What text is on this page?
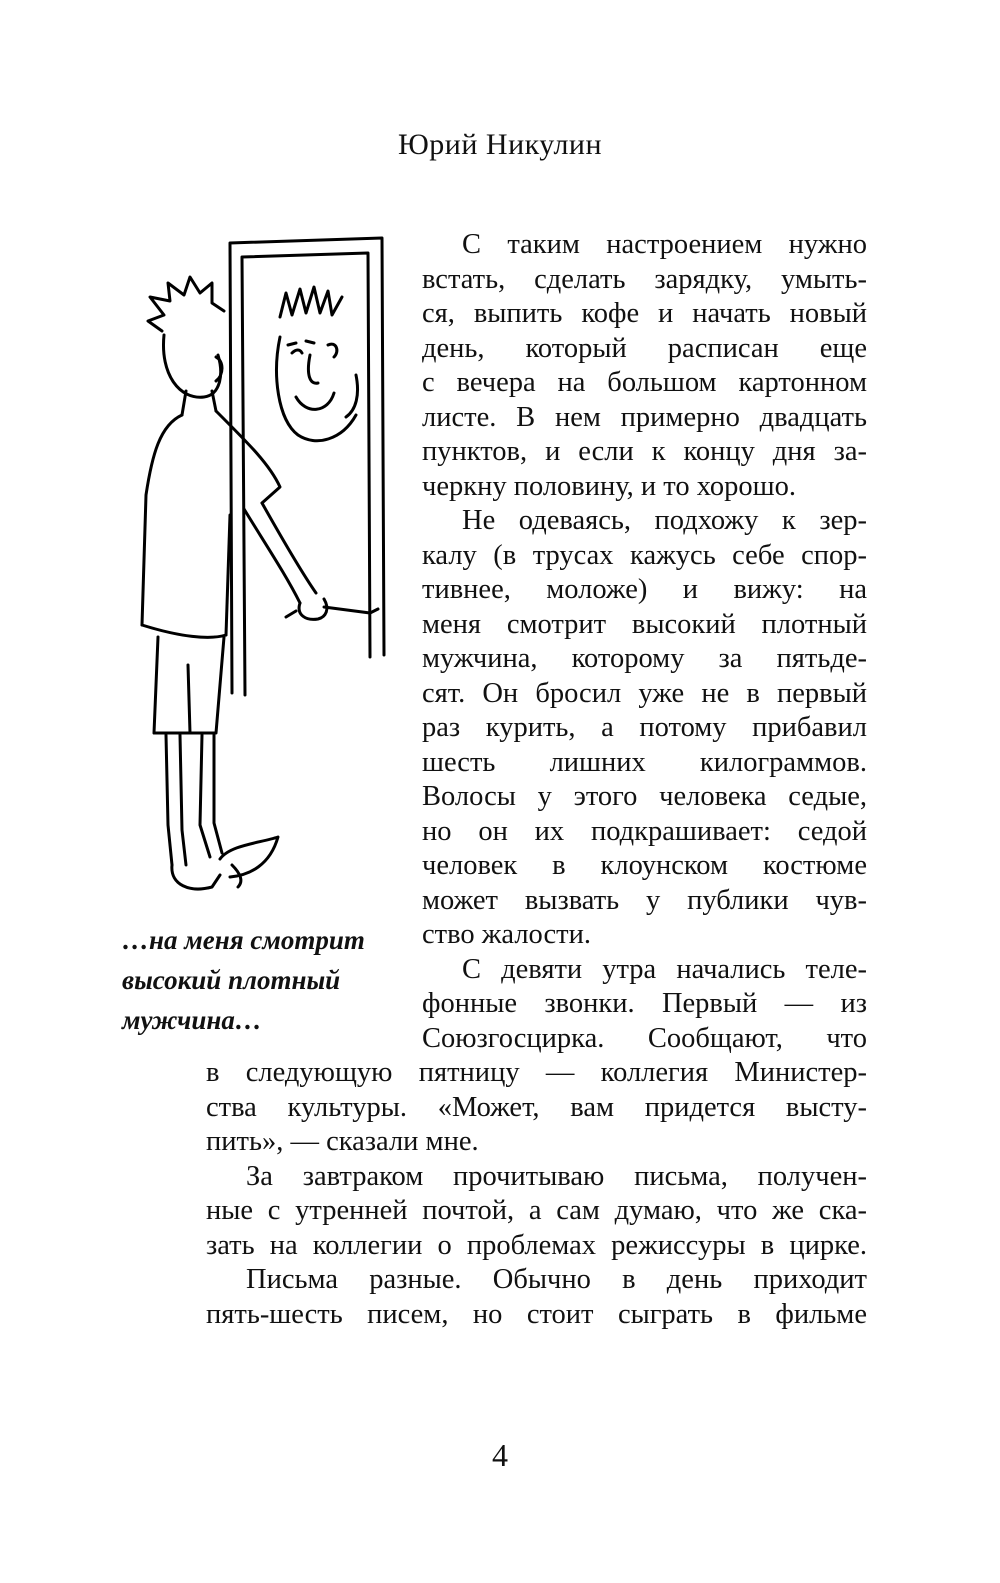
Юрий Никулин
…на меня смотрит
высокий плотный
мужчина…
С таким настроением нужно
встать, сделать зарядку, умыть-
ся, выпить кофе и начать новый
день, который расписан еще
с вечера на большом картонном
листе. В нем примерно двадцать
пунктов, и если к концу дня за-
черкну половину, и то хорошо.
Не одеваясь, подхожу к зер-
калу (в трусах кажусь себе спор-
тивнее, моложе) и вижу: на
меня смотрит высокий плотный
мужчина, которому за пятьде-
сят. Он бросил уже не в первый
раз курить, а потому прибавил
шесть лишних килограммов.
Волосы у этого человека седые,
но он их подкрашивает: седой
человек в клоунском костюме
может вызвать у публики чув-
ство жалости.
С девяти утра начались теле-
фонные звонки. Первый — из
Союзгосцирка. Сообщают, что
в следующую пятницу — коллегия Министер-
ства культуры. «Может, вам придется высту-
пить», — сказали мне.
За завтраком прочитываю письма, получен-
ные с утренней почтой, а сам думаю, что же ска-
зать на коллегии о проблемах режиссуры в цирке.
Письма разные. Обычно в день приходит
пять-шесть писем, но стоит сыграть в фильме
4
